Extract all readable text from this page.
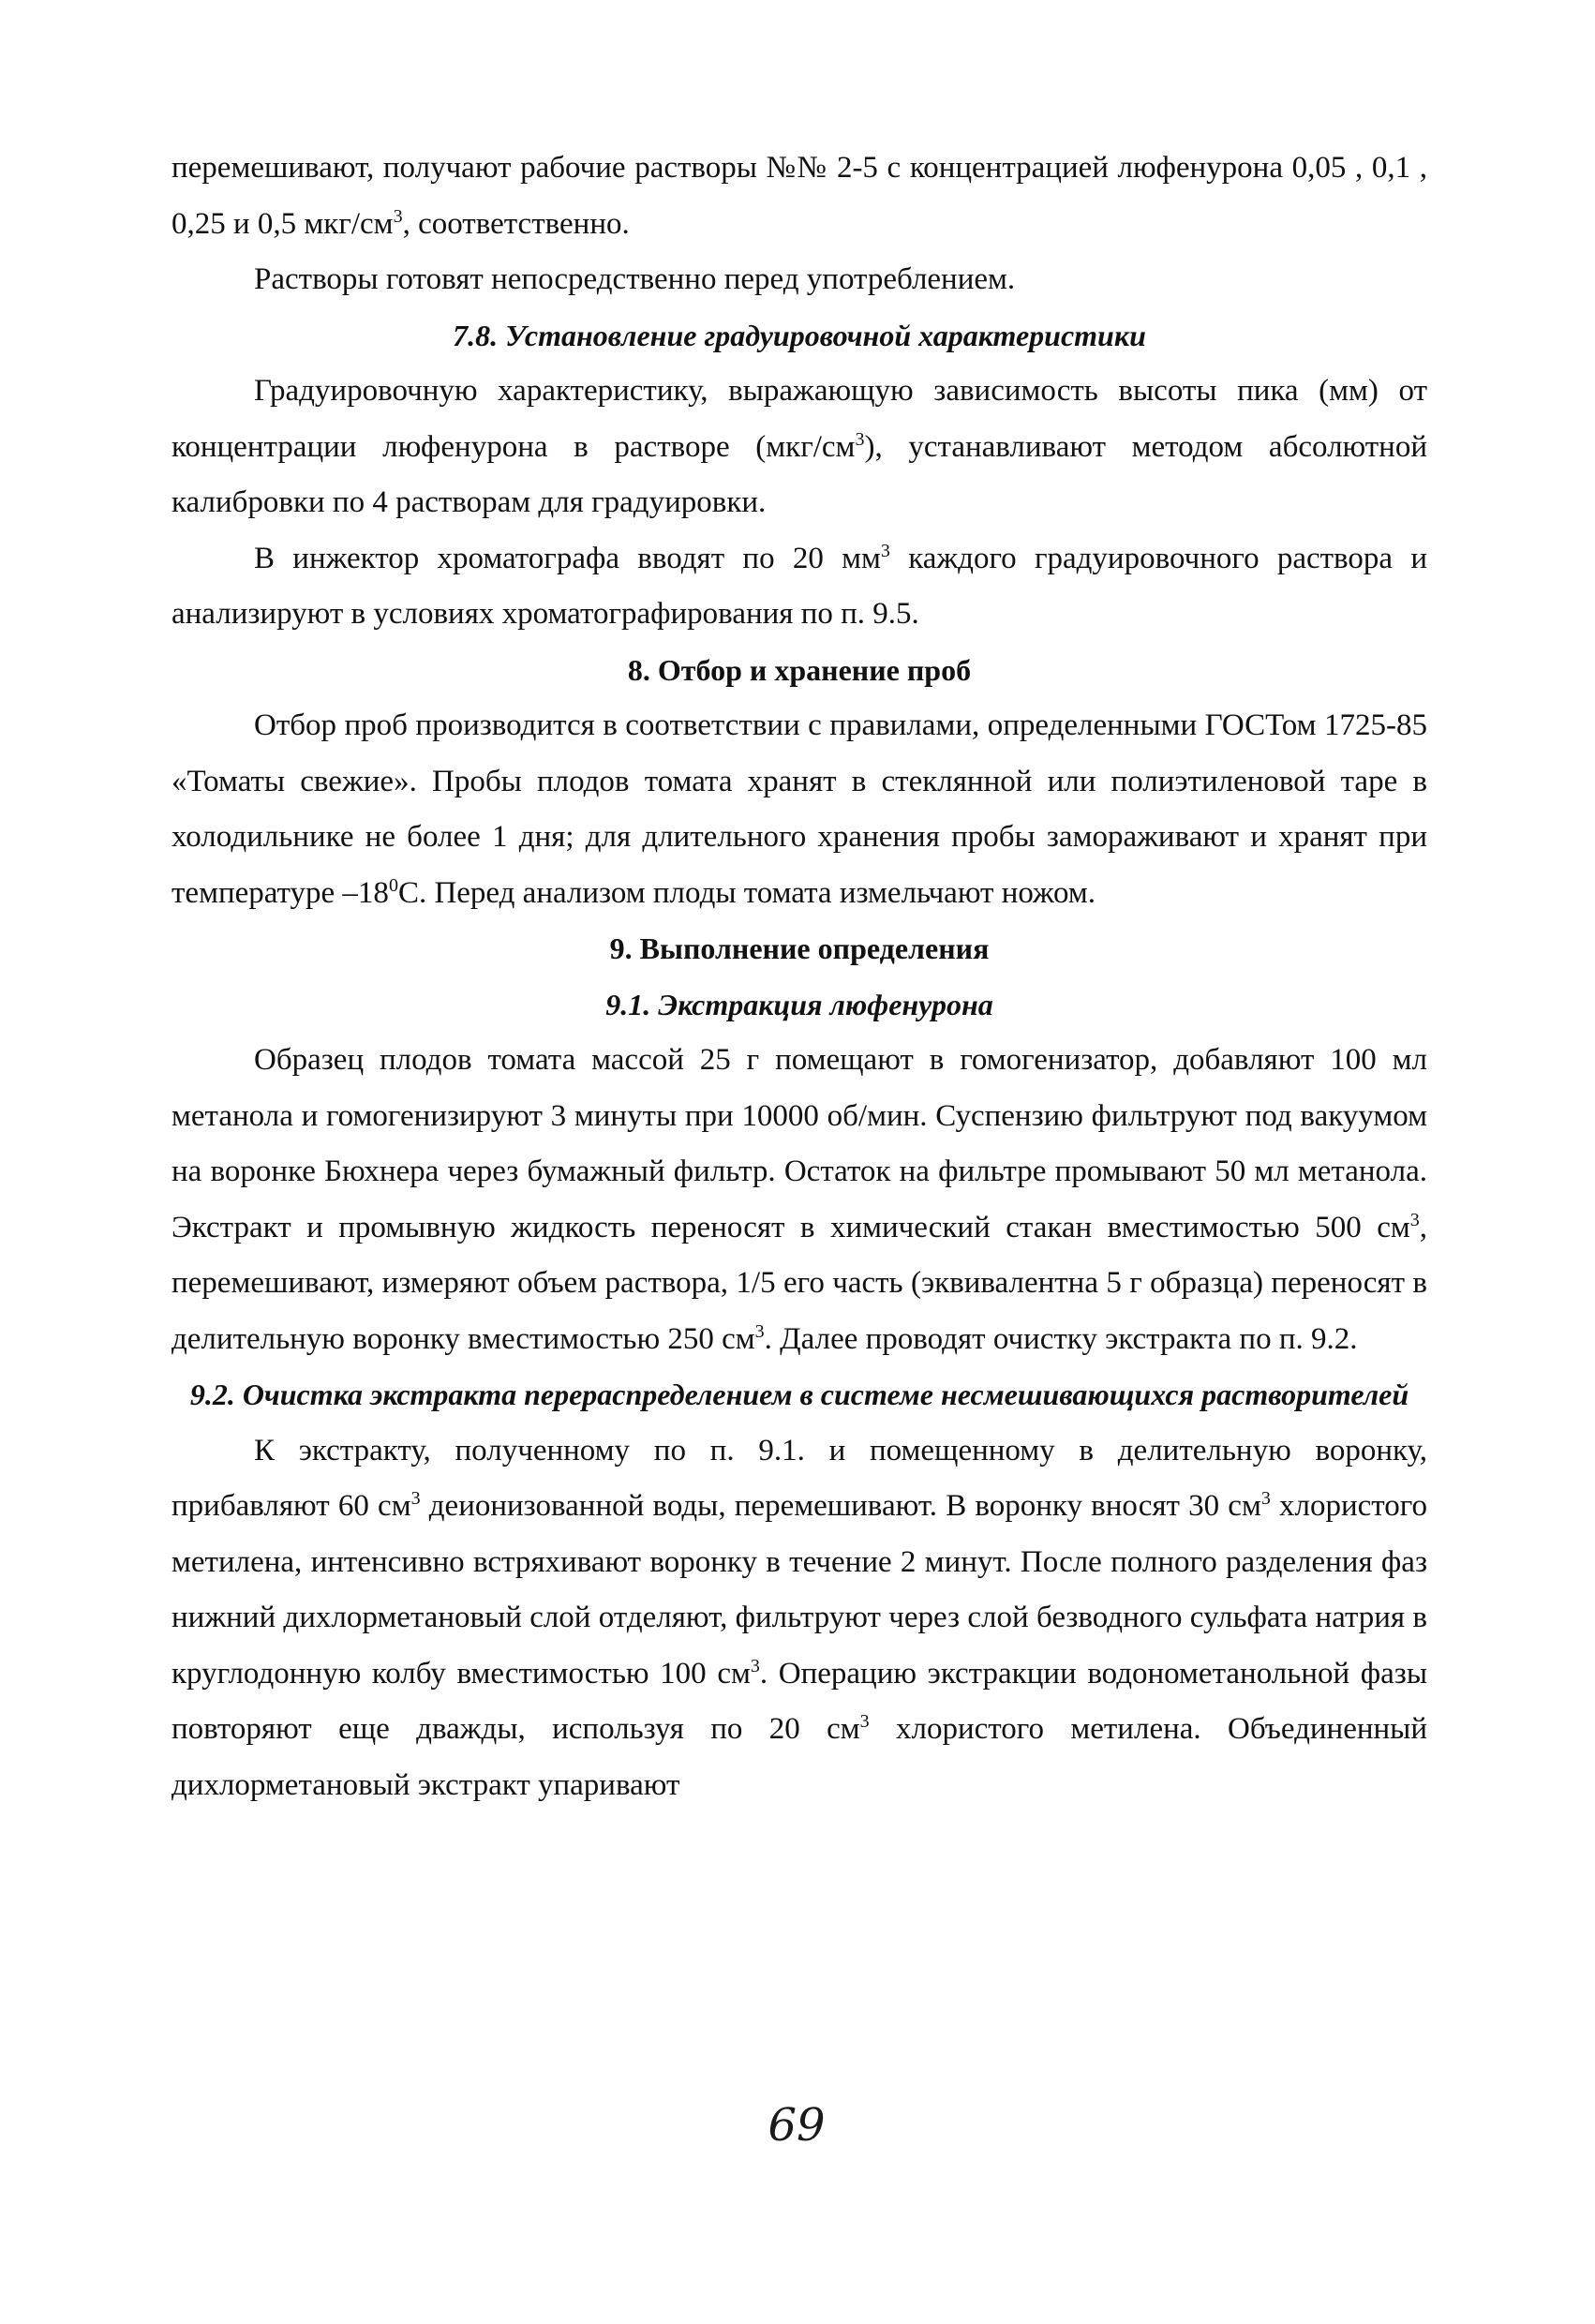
перемешивают, получают рабочие растворы №№ 2-5 с концентрацией люфенурона 0,05 , 0,1 , 0,25 и 0,5 мкг/$см^3$, соответственно.

Растворы готовят непосредственно перед употреблением.

7.8. Установление градуировочной характеристики

Градуировочную характеристику, выражающую зависимость высоты пика (мм) от концентрации люфенурона в растворе $(мкг/см^3)$, устанавливают методом абсолютной калибровки по 4 растворам для градуировки.

В инжектор хроматографа вводят по 20 $мм^3$ каждого градуировочного раствора и анализируют в условиях хроматографирования по п. 9.5.

8. Отбор и хранение проб

Отбор проб производится в соответствии с правилами, определенными ГОСТом 1725-85 «Томаты свежие». Пробы плодов томата хранят в стеклянной или полиэтиленовой таре в холодильнике не более 1 дня; для длительного хранения пробы замораживают и хранят при температуре $-18^0С$. Перед анализом плоды томата измельчают ножом.

9. Выполнение определения

9.1. Экстракция люфенурона

Образец плодов томата массой 25 г помещают в гомогенизатор, добавляют 100 мл метанола и гомогенизируют 3 минуты при 10000 об/мин. Суспензию фильтруют под вакуумом на воронке Бюхнера через бумажный фильтр. Остаток на фильтре промывают 50 мл метанола. Экстракт и промывную жидкость переносят в химический стакан вместимостью 500 $см^3$, перемешивают, измеряют объем раствора, 1/5 его часть (эквивалентна 5 г образца) переносят в делительную воронку вместимостью 250 $см^3$. Далее проводят очистку экстракта по п. 9.2.

9.2. Очистка экстракта перераспределением в системе несмешивающихся растворителей

К экстракту, полученному по п. 9.1. и помещенному в делительную воронку, прибавляют 60 $см^3$ деионизованной воды, перемешивают. В воронку вносят 30 $см^3$ хлористого метилена, интенсивно встряхивают воронку в течение 2 минут. После полного разделения фаз нижний дихлорметановый слой отделяют, фильтруют через слой безводного сульфата натрия в круглодонную колбу вместимостью 100 $см^3$. Операцию экстракции водонометанольной фазы повторяют еще дважды, используя по 20 $см^3$ хлористого метилена. Объединенный дихлорметановый экстракт упаривают

69
